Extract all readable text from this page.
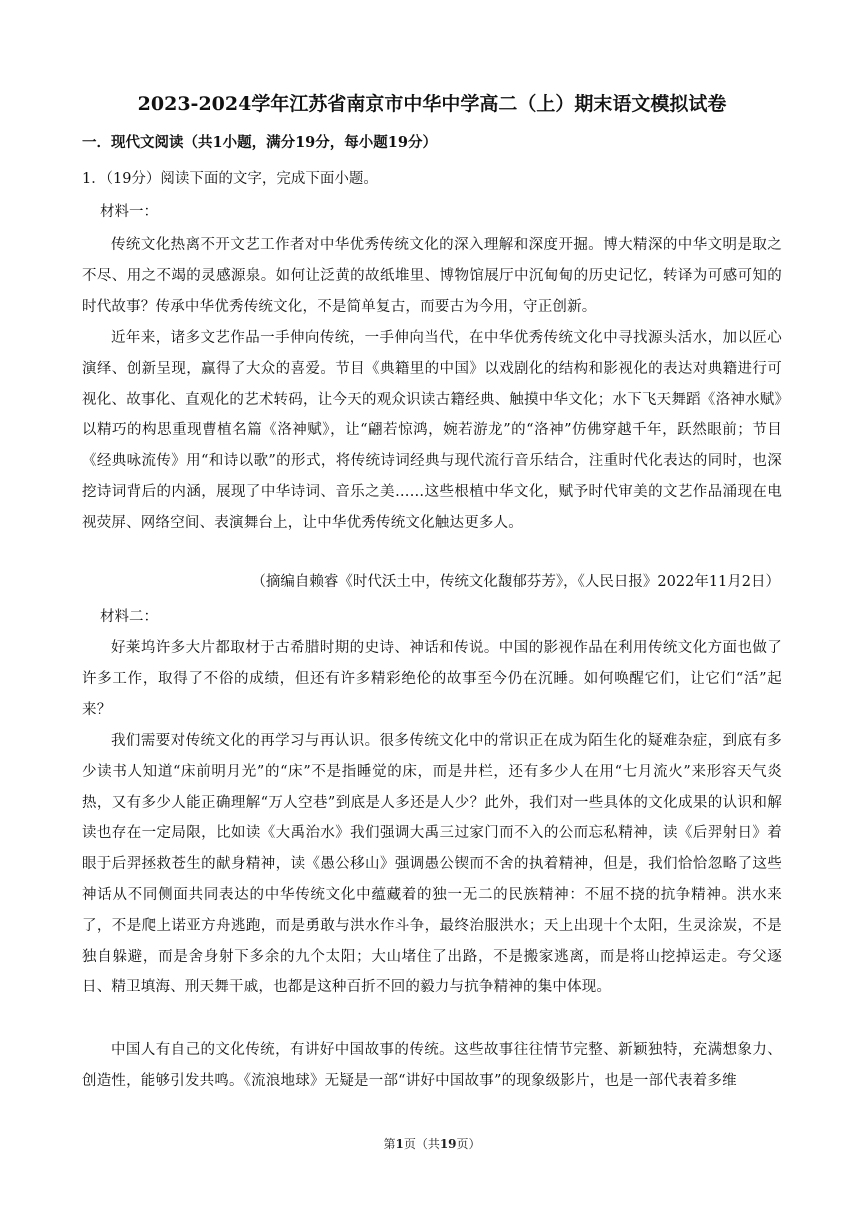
2023-2024学年江苏省南京市中华中学高二（上）期末语文模拟试卷
一．现代文阅读（共1小题，满分19分，每小题19分）
1．（19分）阅读下面的文字，完成下面小题。
材料一：
传统文化热离不开文艺工作者对中华优秀传统文化的深入理解和深度开掘。博大精深的中华文明是取之不尽、用之不竭的灵感源泉。如何让泛黄的故纸堆里、博物馆展厅中沉甸甸的历史记忆，转译为可感可知的时代故事？传承中华优秀传统文化，不是简单复古，而要古为今用，守正创新。
近年来，诸多文艺作品一手伸向传统，一手伸向当代，在中华优秀传统文化中寻找源头活水，加以匠心演绎、创新呈现，赢得了大众的喜爱。节目《典籍里的中国》以戏剧化的结构和影视化的表达对典籍进行可视化、故事化、直观化的艺术转码，让今天的观众识读古籍经典、触摸中华文化；水下飞天舞蹈《洛神水赋》以精巧的构思重现曹植名篇《洛神赋》，让“翩若惊鸿，婉若游龙”的“洛神”仿佛穿越千年，跃然眼前；节目《经典咏流传》用“和诗以歌”的形式，将传统诗词经典与现代流行音乐结合，注重时代化表达的同时，也深挖诗词背后的内涵，展现了中华诗词、音乐之美……这些根植中华文化，赋予时代审美的文艺作品涌现在电视荧屏、网络空间、表演舞台上，让中华优秀传统文化触达更多人。
（摘编自赖睿《时代沃土中，传统文化馥郁芬芳》，《人民日报》2022年11月2日）
材料二：
好莱坞许多大片都取材于古希腊时期的史诗、神话和传说。中国的影视作品在利用传统文化方面也做了许多工作，取得了不俗的成绩，但还有许多精彩绝伦的故事至今仍在沉睡。如何唤醒它们，让它们“活”起来？
我们需要对传统文化的再学习与再认识。很多传统文化中的常识正在成为陌生化的疑难杂症，到底有多少读书人知道“床前明月光”的“床”不是指睡觉的床，而是井栏，还有多少人在用“七月流火”来形容天气炎热，又有多少人能正确理解“万人空巷”到底是人多还是人少？此外，我们对一些具体的文化成果的认识和解读也存在一定局限，比如读《大禹治水》我们强调大禹三过家门而不入的公而忘私精神，读《后羿射日》着眼于后羿拯救苍生的献身精神，读《愚公移山》强调愚公锲而不舍的执着精神，但是，我们恰恰忽略了这些神话从不同侧面共同表达的中华传统文化中蕴藏着的独一无二的民族精神：不屈不挠的抗争精神。洪水来了，不是爬上诺亚方舟逃跑，而是勇敢与洪水作斗争，最终治服洪水；天上出现十个太阳，生灵涂炭，不是独自躲避，而是舍身射下多余的九个太阳；大山堵住了出路，不是搬家逃离，而是将山挖掉运走。夸父逐日、精卫填海、刑天舞干戚，也都是这种百折不回的毅力与抗争精神的集中体现。
中国人有自己的文化传统，有讲好中国故事的传统。这些故事往往情节完整、新颖独特，充满想象力、创造性，能够引发共鸣。《流浪地球》无疑是一部“讲好中国故事”的现象级影片，也是一部代表着多维
第1页（共19页）
